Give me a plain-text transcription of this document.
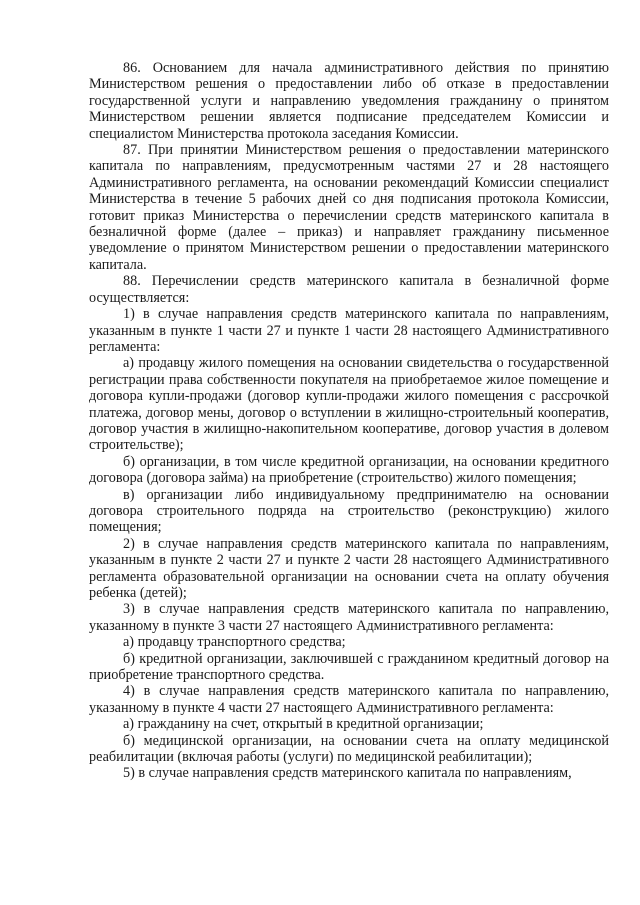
86. Основанием для начала административного действия по принятию Министерством решения о предоставлении либо об отказе в предоставлении государственной услуги и направлению уведомления гражданину о принятом Министерством решении является подписание председателем Комиссии и специалистом Министерства протокола заседания Комиссии.

87. При принятии Министерством решения о предоставлении материнского капитала по направлениям, предусмотренным частями 27 и 28 настоящего Административного регламента, на основании рекомендаций Комиссии специалист Министерства в течение 5 рабочих дней со дня подписания протокола Комиссии, готовит приказ Министерства о перечислении средств материнского капитала в безналичной форме (далее – приказ) и направляет гражданину письменное уведомление о принятом Министерством решении о предоставлении материнского капитала.

88. Перечислении средств материнского капитала в безналичной форме осуществляется:

1) в случае направления средств материнского капитала по направлениям, указанным в пункте 1 части 27 и пункте 1 части 28 настоящего Административного регламента:

а) продавцу жилого помещения на основании свидетельства о государственной регистрации права собственности покупателя на приобретаемое жилое помещение и договора купли-продажи (договор купли-продажи жилого помещения с рассрочкой платежа, договор мены, договор о вступлении в жилищно-строительный кооператив, договор участия в жилищно-накопительном кооперативе, договор участия в долевом строительстве);

б) организации, в том числе кредитной организации, на основании кредитного договора (договора займа) на приобретение (строительство) жилого помещения;

в) организации либо индивидуальному предпринимателю на основании договора строительного подряда на строительство (реконструкцию) жилого помещения;

2) в случае направления средств материнского капитала по направлениям, указанным в пункте 2 части 27 и пункте 2 части 28 настоящего Административного регламента образовательной организации на основании счета на оплату обучения ребенка (детей);

3) в случае направления средств материнского капитала по направлению, указанному в пункте 3 части 27 настоящего Административного регламента:

а) продавцу транспортного средства;

б) кредитной организации, заключившей с гражданином кредитный договор на приобретение транспортного средства.

4) в случае направления средств материнского капитала по направлению, указанному в пункте 4 части 27 настоящего Административного регламента:

а) гражданину на счет, открытый в кредитной организации;

б) медицинской организации, на основании счета на оплату медицинской реабилитации (включая работы (услуги) по медицинской реабилитации);

5) в случае направления средств материнского капитала по направлениям,
